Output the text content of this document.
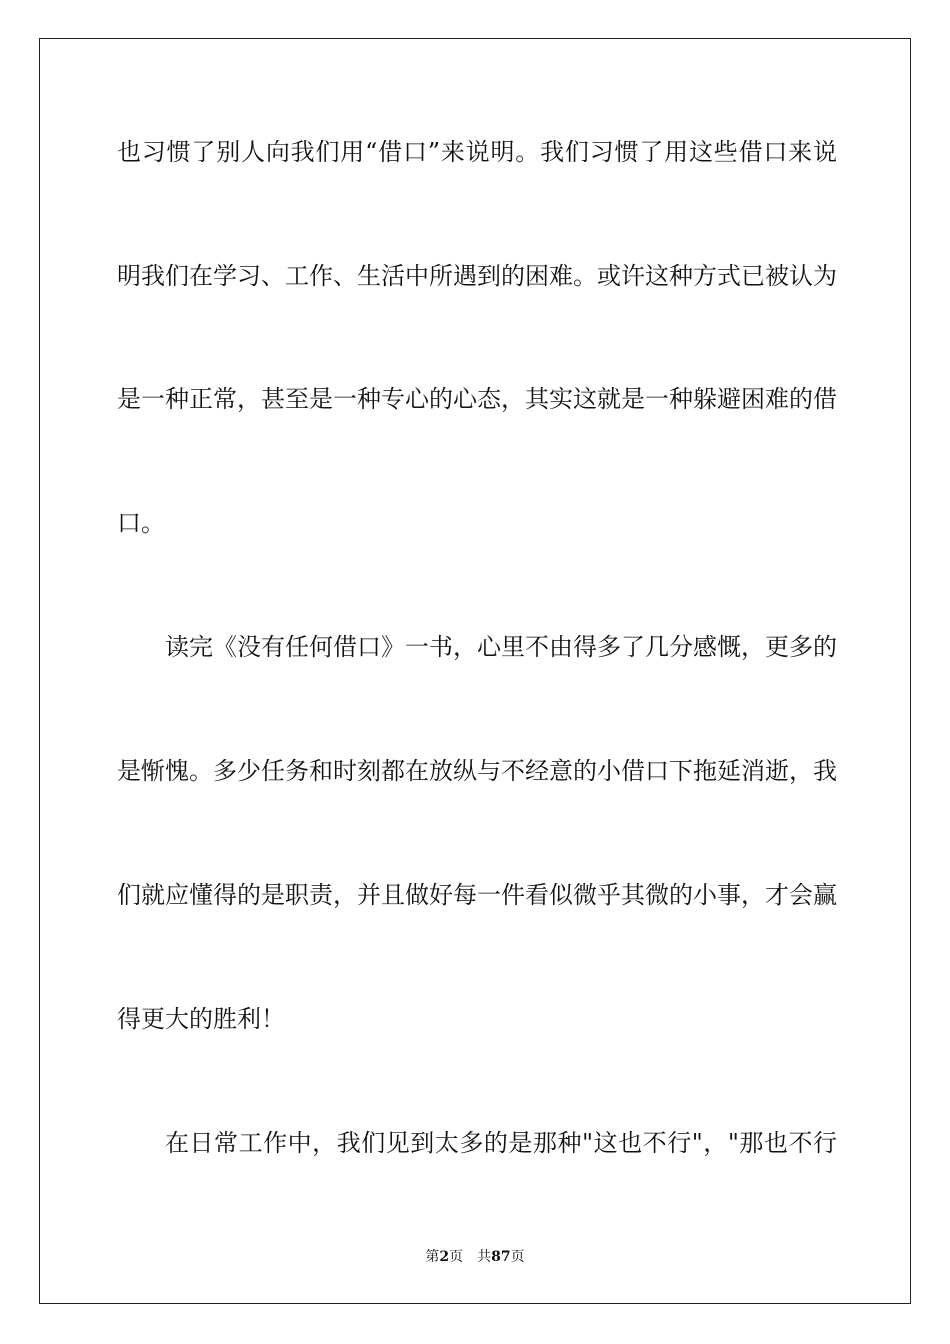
也习惯了别人向我们用“借口”来说明。我们习惯了用这些借口来说

明我们在学习、工作、生活中所遇到的困难。或许这种方式已被认为

是一种正常，甚至是一种专心的心态，其实这就是一种躲避困难的借

口。

读完《没有任何借口》一书，心里不由得多了几分感慨，更多的

是惭愧。多少任务和时刻都在放纵与不经意的小借口下拖延消逝，我

们就应懂得的是职责，并且做好每一件看似微乎其微的小事，才会赢

得更大的胜利！

在日常工作中，我们见到太多的是那种"这也不行"，"那也不行

第2页 共87页
